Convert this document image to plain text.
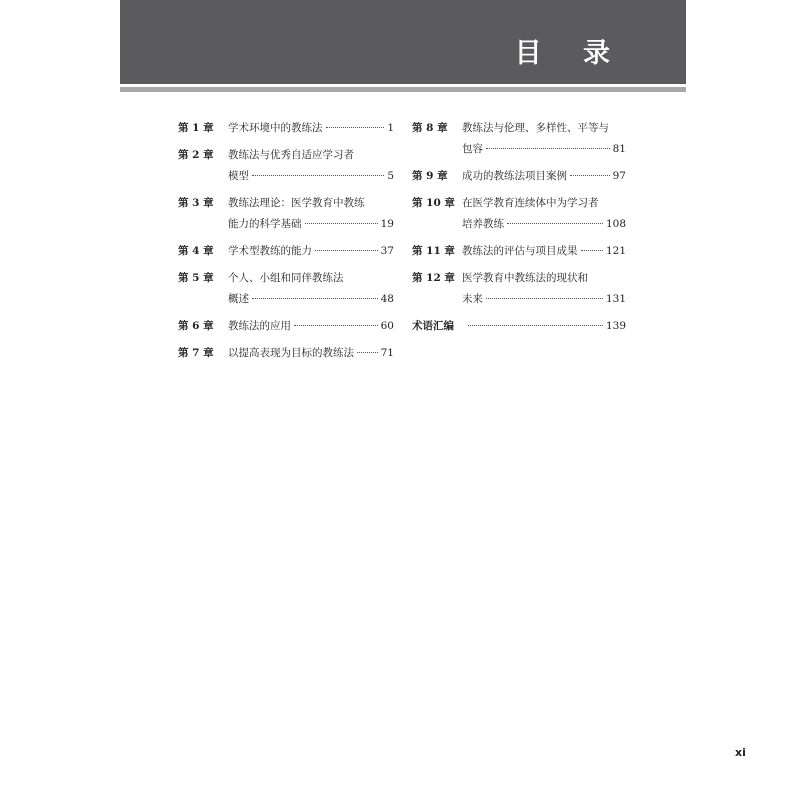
目 录
第 1 章 学术环境中的教练法	1
第 2 章 教练法与优秀自适应学习者
模型	5
第 3 章 教练法理论：医学教育中教练
能力的科学基础	19
第 4 章 学术型教练的能力	37
第 5 章 个人、小组和同伴教练法
概述	48
第 6 章 教练法的应用	60
第 7 章 以提高表现为目标的教练法	71
第 8 章 教练法与伦理、多样性、平等与
包容	81
第 9 章 成功的教练法项目案例	97
第 10 章 在医学教育连续体中为学习者
培养教练	108
第 11 章 教练法的评估与项目成果	121
第 12 章 医学教育中教练法的现状和
未来	131
术语汇编	139
xi
